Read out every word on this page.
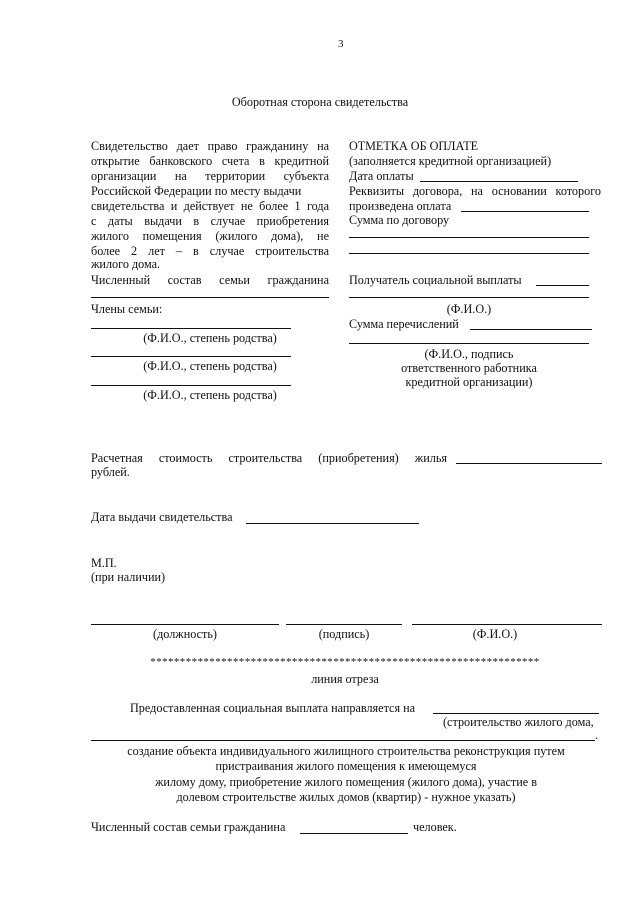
3
Оборотная сторона свидетельства
Свидетельство дает право гражданину на
открытие банковского счета в кредитной
организации на территории субъекта
Российской Федерации по месту выдачи
свидетельства и действует не более 1 года
с даты выдачи в случае приобретения
жилого помещения (жилого дома), не
более 2 лет – в случае строительства
жилого дома.
Численный состав семьи гражданина
Члены семьи:
(Ф.И.О., степень родства)
(Ф.И.О., степень родства)
(Ф.И.О., степень родства)
ОТМЕТКА ОБ ОПЛАТЕ
(заполняется кредитной организацией)
Дата оплаты
Реквизиты договора, на основании которого
произведена оплата
Сумма по договору
Получатель социальной выплаты
(Ф.И.О.)
Сумма перечислений
(Ф.И.О., подпись
ответственного работника
кредитной организации)
Расчетная стоимость строительства (приобретения) жилья
рублей.
Дата выдачи свидетельства
М.П.
(при наличии)
(должность)	(подпись)	(Ф.И.О.)
******************************************************************
линия отреза
Предоставленная социальная выплата направляется на
(строительство жилого дома,
.
создание объекта индивидуального жилищного строительства реконструкция путем
пристраивания жилого помещения к имеющемуся
жилому дому, приобретение жилого помещения (жилого дома), участие в
долевом строительстве жилых домов (квартир) - нужное указать)
Численный состав семьи гражданина	человек.
